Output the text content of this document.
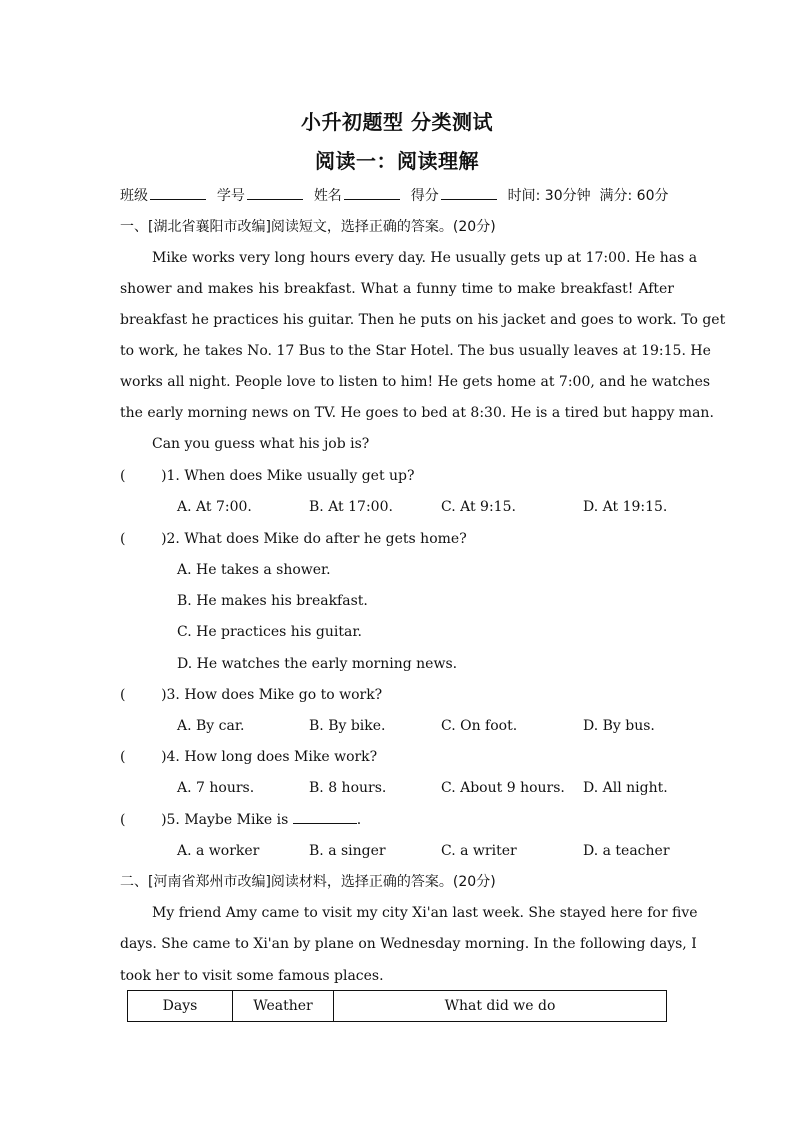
小升初题型 分类测试
阅读一：阅读理解
班级	学号	姓名	得分	时间: 30分钟 满分: 60分
一、[湖北省襄阳市改编]阅读短文，选择正确的答案。(20分)
Mike works very long hours every day. He usually gets up at 17:00. He has a
shower and makes his breakfast. What a funny time to make breakfast! After
breakfast he practices his guitar. Then he puts on his jacket and goes to work. To get
to work, he takes No. 17 Bus to the Star Hotel. The bus usually leaves at 19:15. He
works all night. People love to listen to him! He gets home at 7:00, and he watches
the early morning news on TV. He goes to bed at 8:30. He is a tired but happy man.
Can you guess what his job is?
(        )1. When does Mike usually get up?
A. At 7:00.	B. At 17:00.	C. At 9:15.	D. At 19:15.
(        )2. What does Mike do after he gets home?
A. He takes a shower.
B. He makes his breakfast.
C. He practices his guitar.
D. He watches the early morning news.
(        )3. How does Mike go to work?
A. By car.	B. By bike.	C. On foot.	D. By bus.
(        )4. How long does Mike work?
A. 7 hours.	B. 8 hours.	C. About 9 hours. D. All night.
(        )5. Maybe Mike is	.
A. a worker	B. a singer	C. a writer	D. a teacher
二、[河南省郑州市改编]阅读材料，选择正确的答案。(20分)
My friend Amy came to visit my city Xi'an last week. She stayed here for five
days. She came to Xi'an by plane on Wednesday morning. In the following days, I
took her to visit some famous places.
Days	Weather	What did we do
